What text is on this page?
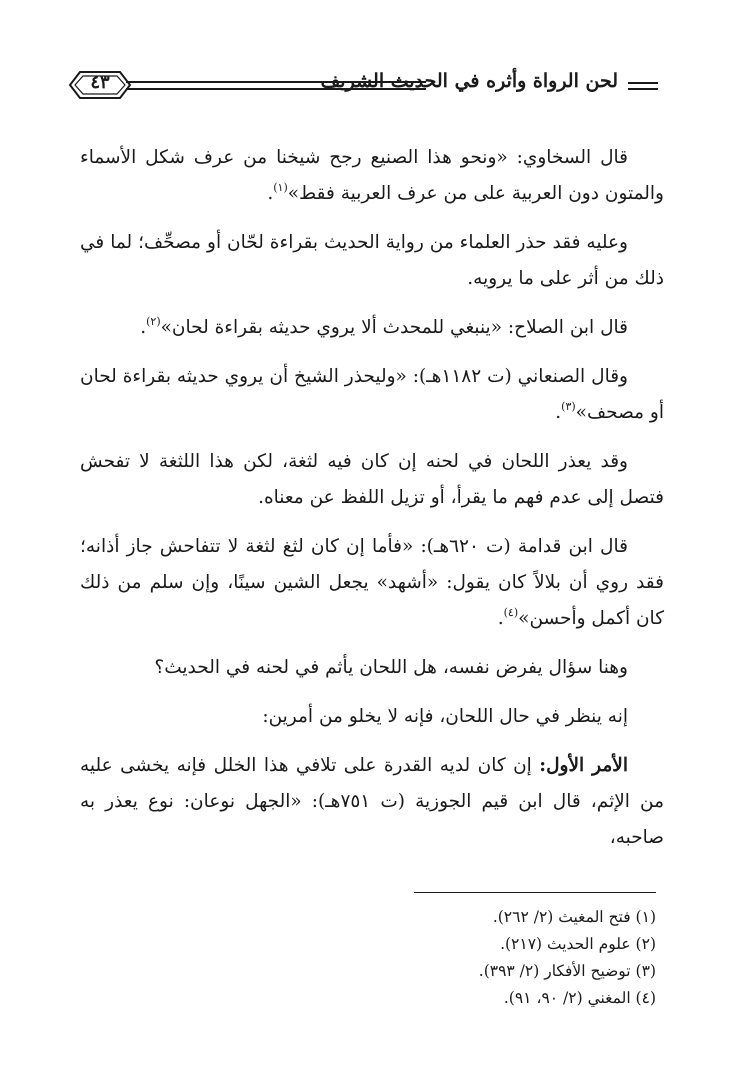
لحن الرواة وأثره في الحديث الشريف
٤٣

قال السخاوي: «ونحو هذا الصنيع رجح شيخنا من عرف شكل الأسماء والمتون دون العربية على من عرف العربية فقط»$^{(١)}$.

وعليه فقد حذر العلماء من رواية الحديث بقراءة لحّان أو مصحِّف؛ لما في ذلك من أثر على ما يرويه.

قال ابن الصلاح: «ينبغي للمحدث ألا يروي حديثه بقراءة لحان»$^{(٢)}$.

وقال الصنعاني (ت ١١٨٢هـ): «وليحذر الشيخ أن يروي حديثه بقراءة لحان أو مصحف»$^{(٣)}$.

وقد يعذر اللحان في لحنه إن كان فيه لثغة، لكن هذا اللثغة لا تفحش فتصل إلى عدم فهم ما يقرأ، أو تزيل اللفظ عن معناه.

قال ابن قدامة (ت ٦٢٠هـ): «فأما إن كان لثغ لثغة لا تتفاحش جاز أذانه؛ فقد روي أن بلالاً كان يقول: «أشهد» يجعل الشين سينًا، وإن سلم من ذلك كان أكمل وأحسن»$^{(٤)}$.

وهنا سؤال يفرض نفسه، هل اللحان يأثم في لحنه في الحديث؟

إنه ينظر في حال اللحان، فإنه لا يخلو من أمرين:

الأمر الأول: إن كان لديه القدرة على تلافي هذا الخلل فإنه يخشى عليه من الإثم، قال ابن قيم الجوزية (ت ٧٥١هـ): «الجهل نوعان: نوع يعذر به صاحبه،

(١) فتح المغيث (٢/ ٢٦٢).

(٢) علوم الحديث (٢١٧).

(٣) توضيح الأفكار (٢/ ٣٩٣).

(٤) المغني (٢/ ٩٠، ٩١).
